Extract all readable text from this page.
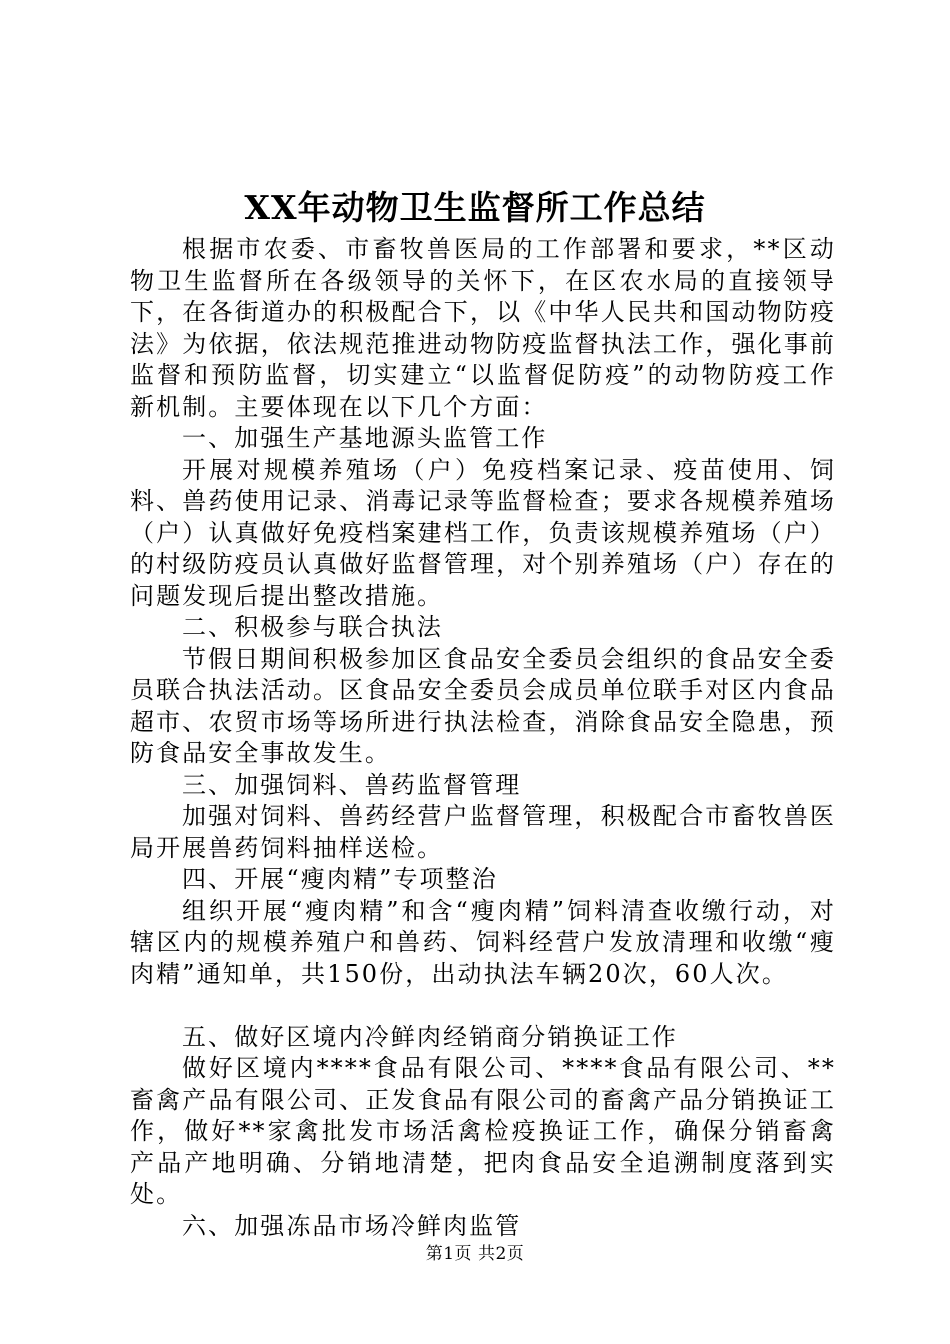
XX年动物卫生监督所工作总结

根据市农委、市畜牧兽医局的工作部署和要求，**区动物卫生监督所在各级领导的关怀下，在区农水局的直接领导下，在各街道办的积极配合下，以《中华人民共和国动物防疫法》为依据，依法规范推进动物防疫监督执法工作，强化事前监督和预防监督，切实建立“以监督促防疫”的动物防疫工作新机制。主要体现在以下几个方面：

一、加强生产基地源头监管工作

开展对规模养殖场（户）免疫档案记录、疫苗使用、饲料、兽药使用记录、消毒记录等监督检查；要求各规模养殖场（户）认真做好免疫档案建档工作，负责该规模养殖场（户）的村级防疫员认真做好监督管理，对个别养殖场（户）存在的问题发现后提出整改措施。

二、积极参与联合执法

节假日期间积极参加区食品安全委员会组织的食品安全委员联合执法活动。区食品安全委员会成员单位联手对区内食品超市、农贸市场等场所进行执法检查，消除食品安全隐患，预防食品安全事故发生。

三、加强饲料、兽药监督管理

加强对饲料、兽药经营户监督管理，积极配合市畜牧兽医局开展兽药饲料抽样送检。

四、开展“瘦肉精”专项整治

组织开展“瘦肉精”和含“瘦肉精”饲料清查收缴行动，对辖区内的规模养殖户和兽药、饲料经营户发放清理和收缴“瘦肉精”通知单，共150份，出动执法车辆20次，60人次。

五、做好区境内冷鲜肉经销商分销换证工作

做好区境内****食品有限公司、****食品有限公司、**畜禽产品有限公司、正发食品有限公司的畜禽产品分销换证工作，做好**家禽批发市场活禽检疫换证工作，确保分销畜禽产品产地明确、分销地清楚，把肉食品安全追溯制度落到实处。

六、加强冻品市场冷鲜肉监管

第1页 共2页
